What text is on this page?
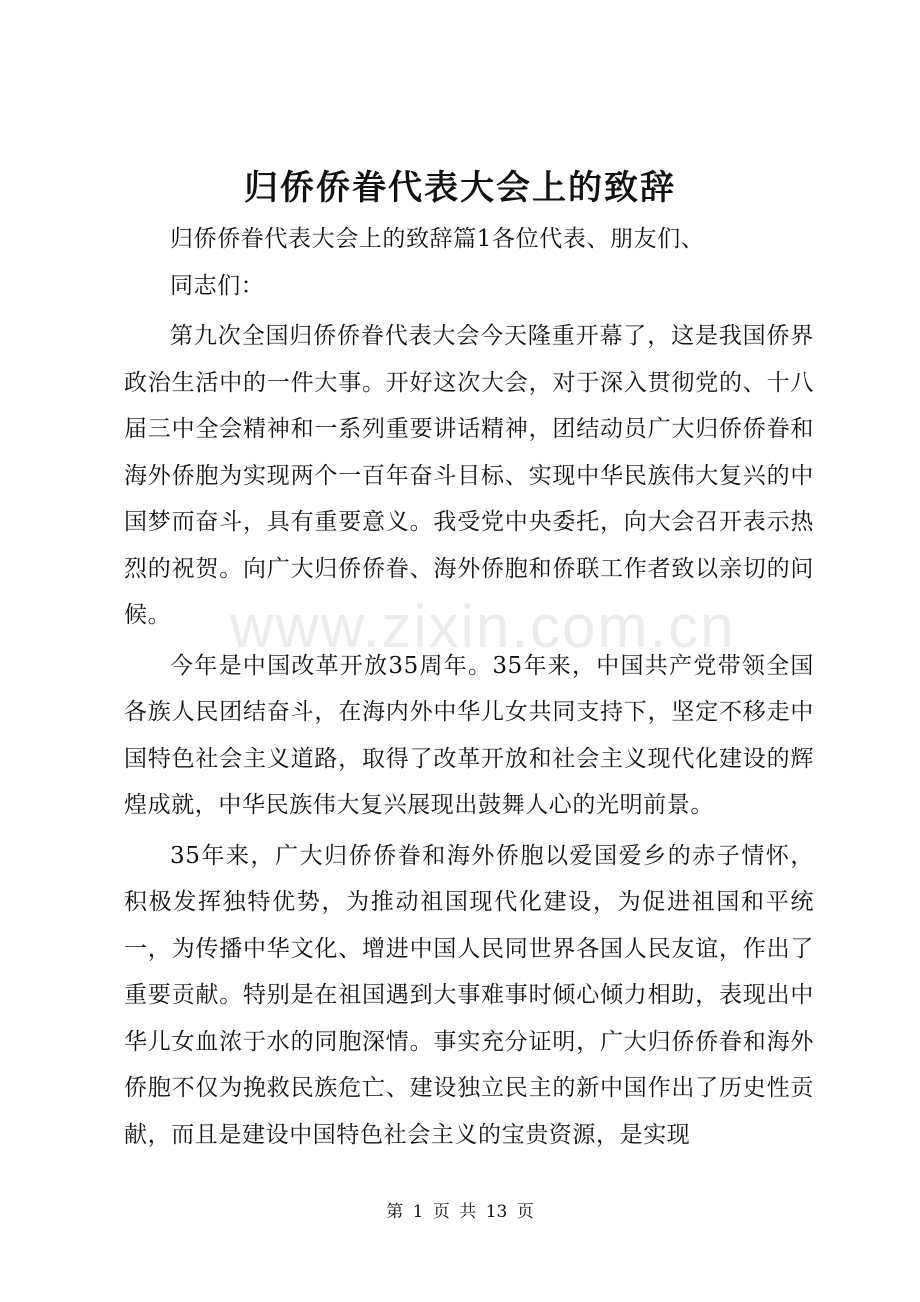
归侨侨眷代表大会上的致辞

归侨侨眷代表大会上的致辞篇1各位代表、朋友们、

同志们：

第九次全国归侨侨眷代表大会今天隆重开幕了，这是我国侨界政治生活中的一件大事。开好这次大会，对于深入贯彻党的、十八届三中全会精神和一系列重要讲话精神，团结动员广大归侨侨眷和海外侨胞为实现两个一百年奋斗目标、实现中华民族伟大复兴的中国梦而奋斗，具有重要意义。我受党中央委托，向大会召开表示热烈的祝贺。向广大归侨侨眷、海外侨胞和侨联工作者致以亲切的问候。

今年是中国改革开放35周年。35年来，中国共产党带领全国各族人民团结奋斗，在海内外中华儿女共同支持下，坚定不移走中国特色社会主义道路，取得了改革开放和社会主义现代化建设的辉煌成就，中华民族伟大复兴展现出鼓舞人心的光明前景。

35年来，广大归侨侨眷和海外侨胞以爱国爱乡的赤子情怀，积极发挥独特优势，为推动祖国现代化建设，为促进祖国和平统一，为传播中华文化、增进中国人民同世界各国人民友谊，作出了重要贡献。特别是在祖国遇到大事难事时倾心倾力相助，表现出中华儿女血浓于水的同胞深情。事实充分证明，广大归侨侨眷和海外侨胞不仅为挽救民族危亡、建设独立民主的新中国作出了历史性贡献，而且是建设中国特色社会主义的宝贵资源，是实现

www.zixin.com.cn
第 1 页 共 13 页
